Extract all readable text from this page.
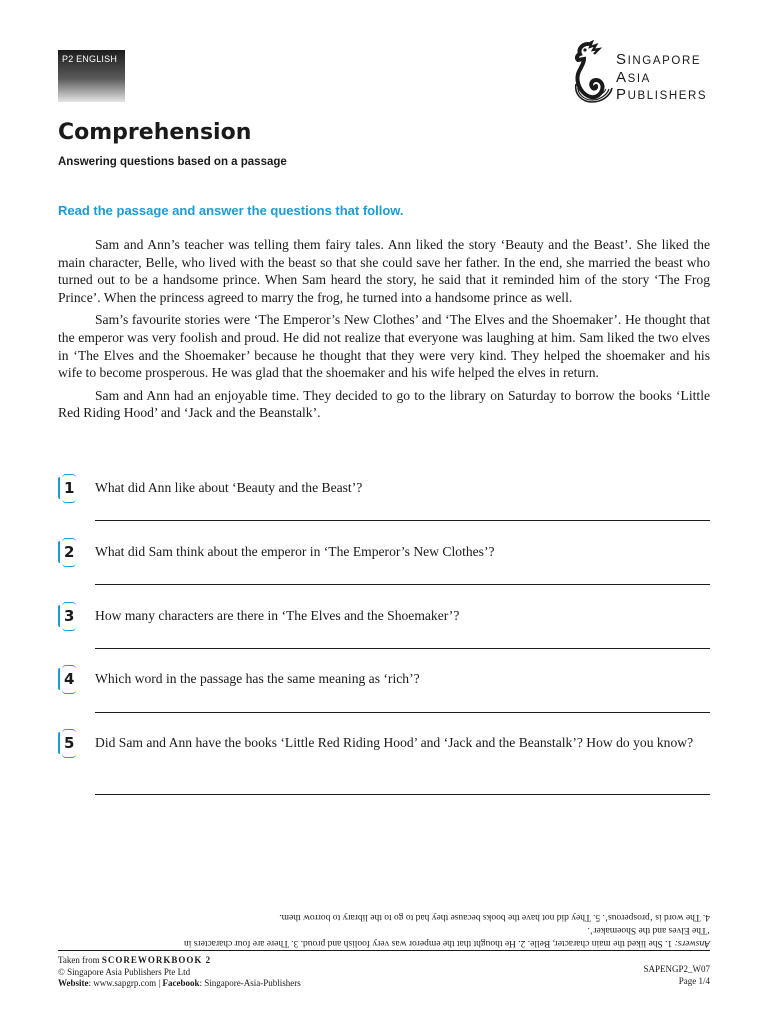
P2 ENGLISH	SINGAPORE
ASIA
PUBLISHERS
Comprehension
Answering questions based on a passage
Read the passage and answer the questions that follow.

Sam and Ann’s teacher was telling them fairy tales. Ann liked the story ‘Beauty and the Beast’. She liked the main character, Belle, who lived with the beast so that she could save her father. In the end, she married the beast who turned out to be a handsome prince. When Sam heard the story, he said that it reminded him of the story ‘The Frog Prince’. When the princess agreed to marry the frog, he turned into a handsome prince as well.

Sam’s favourite stories were ‘The Emperor’s New Clothes’ and ‘The Elves and the Shoemaker’. He thought that the emperor was very foolish and proud. He did not realize that everyone was laughing at him. Sam liked the two elves in ‘The Elves and the Shoemaker’ because he thought that they were very kind. They helped the shoemaker and his wife to become prosperous. He was glad that the shoemaker and his wife helped the elves in return.

Sam and Ann had an enjoyable time. They decided to go to the library on Saturday to borrow the books ‘Little Red Riding Hood’ and ‘Jack and the Beanstalk’.

1 What did Ann like about ‘Beauty and the Beast’?
2 What did Sam think about the emperor in ‘The Emperor’s New Clothes’?
3 How many characters are there in ‘The Elves and the Shoemaker’?
4 Which word in the passage has the same meaning as ‘rich’?
5 Did Sam and Ann have the books ‘Little Red Riding Hood’ and ‘Jack and the Beanstalk’? How do you know?
Answers: 1. She liked the main character, Belle. 2. He thought that the emperor was very foolish and proud. 3. There are four characters in ‘The Elves and the Shoemaker’.
4. The word is ‘prosperous’. 5. They did not have the books because they had to go to the library to borrow them.
Taken from SCOREWORKBOOK 2
© Singapore Asia Publishers Pte Ltd
Website: www.sapgrp.com | Facebook: Singapore-Asia-Publishers
SAPENGP2_W07
Page 1/4
